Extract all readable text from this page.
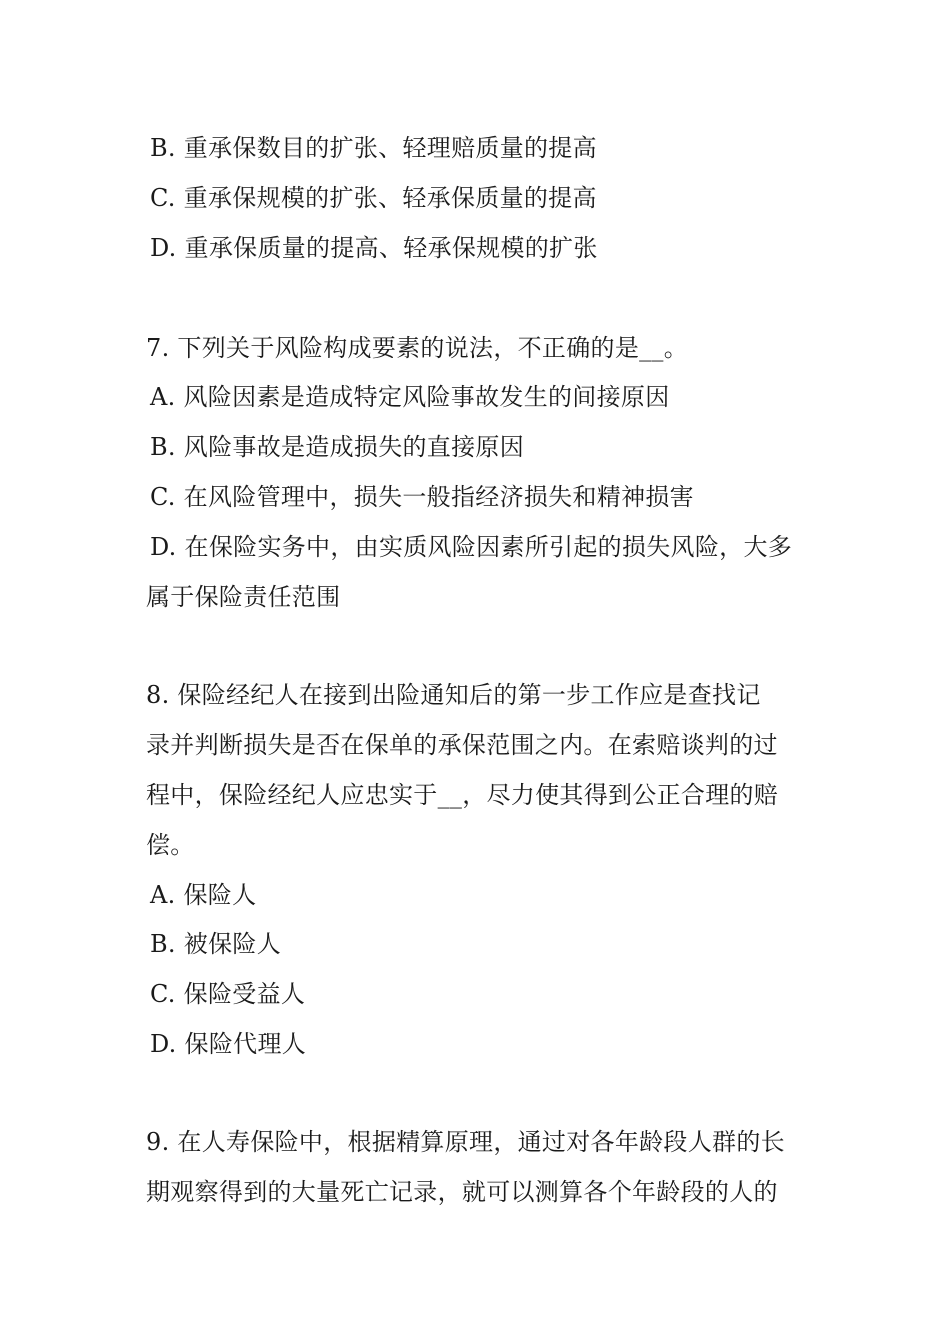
B. 重承保数目的扩张、轻理赔质量的提高
C. 重承保规模的扩张、轻承保质量的提高
D. 重承保质量的提高、轻承保规模的扩张
7. 下列关于风险构成要素的说法，不正确的是__。
A. 风险因素是造成特定风险事故发生的间接原因
B. 风险事故是造成损失的直接原因
C. 在风险管理中，损失一般指经济损失和精神损害
D. 在保险实务中，由实质风险因素所引起的损失风险，大多
属于保险责任范围
8. 保险经纪人在接到出险通知后的第一步工作应是查找记
录并判断损失是否在保单的承保范围之内。在索赔谈判的过
程中，保险经纪人应忠实于__，尽力使其得到公正合理的赔
偿。
A. 保险人
B. 被保险人
C. 保险受益人
D. 保险代理人
9. 在人寿保险中，根据精算原理，通过对各年龄段人群的长
期观察得到的大量死亡记录，就可以测算各个年龄段的人的
